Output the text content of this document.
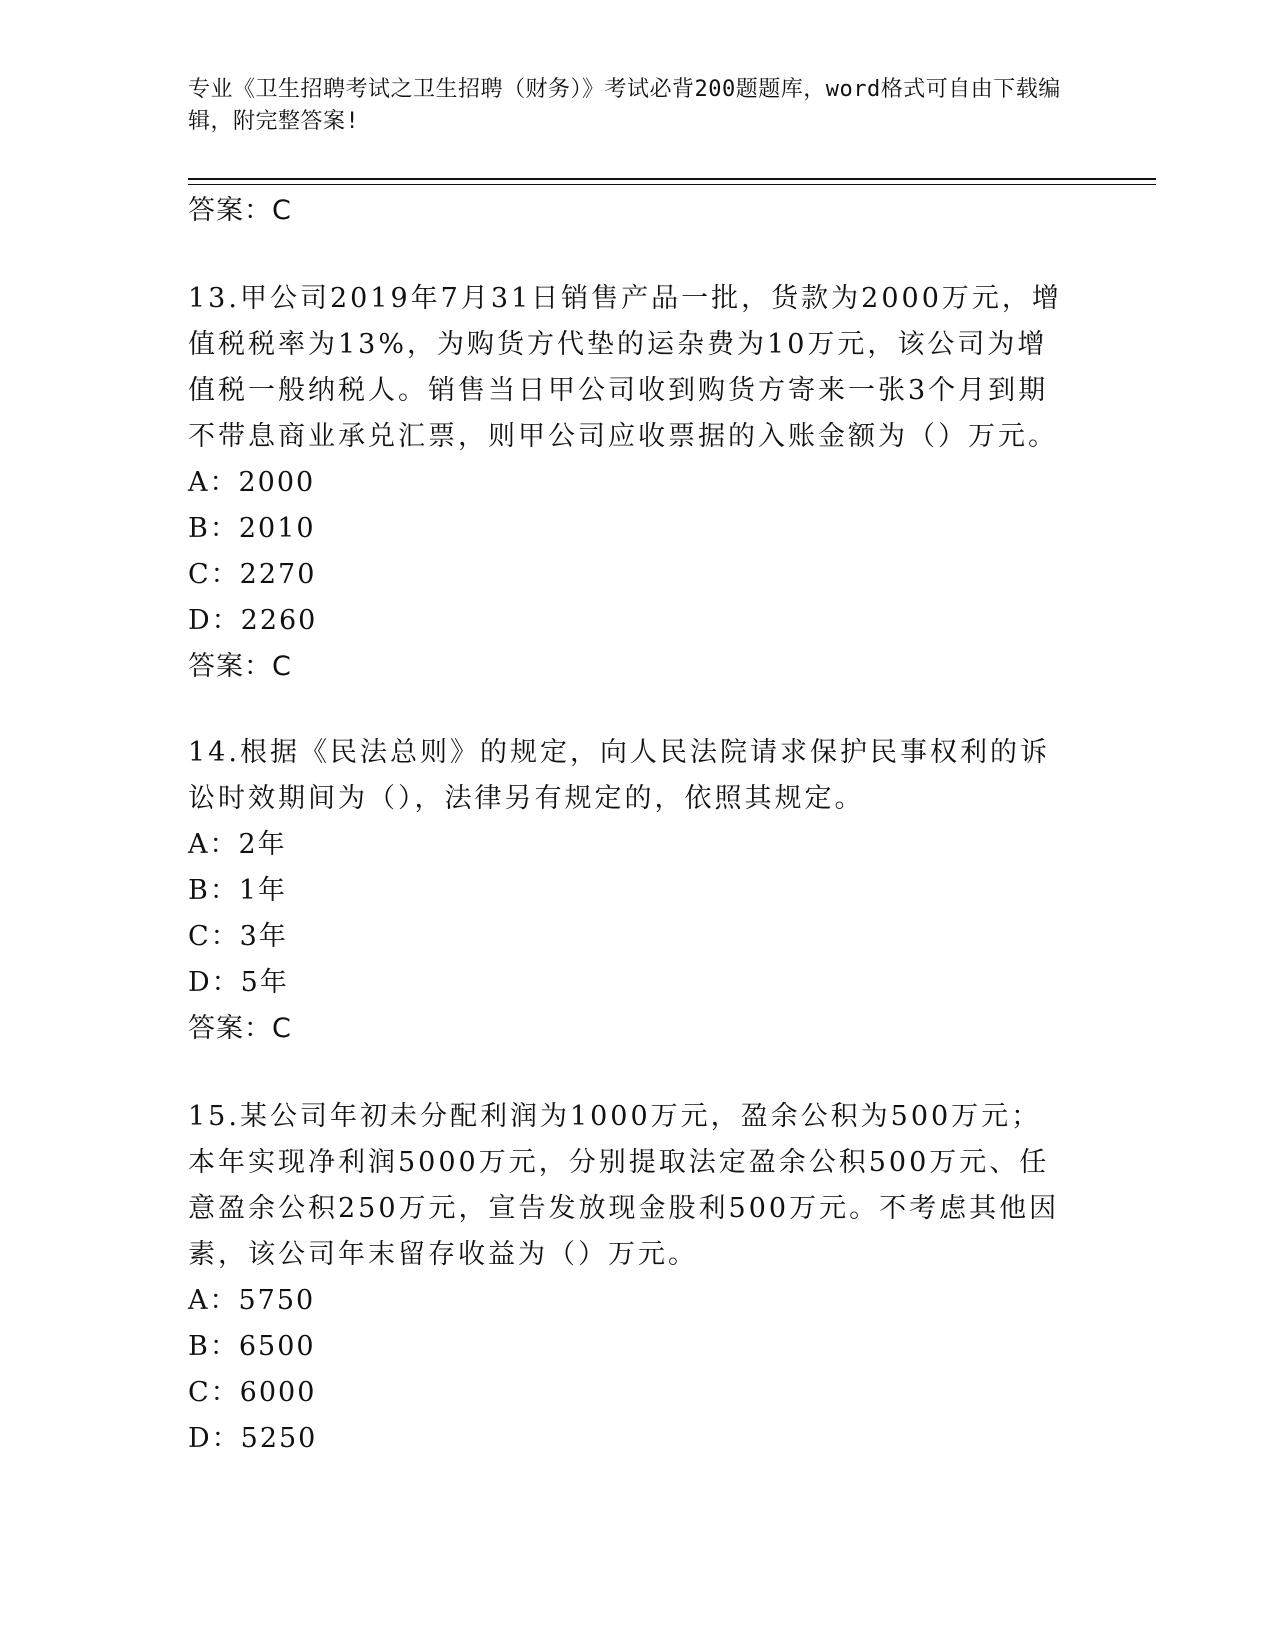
专业《卫生招聘考试之卫生招聘（财务）》考试必背200题题库，word格式可自由下载编辑，附完整答案!
答案：C
13.甲公司2019年7月31日销售产品一批，货款为2000万元，增值税税率为13%，为购货方代垫的运杂费为10万元，该公司为增值税一般纳税人。销售当日甲公司收到购货方寄来一张3个月到期不带息商业承兑汇票，则甲公司应收票据的入账金额为（）万元。
A：2000
B：2010
C：2270
D：2260
答案：C
14.根据《民法总则》的规定，向人民法院请求保护民事权利的诉讼时效期间为（），法律另有规定的，依照其规定。
A：2年
B：1年
C：3年
D：5年
答案：C
15.某公司年初未分配利润为1000万元，盈余公积为500万元；本年实现净利润5000万元，分别提取法定盈余公积500万元、任意盈余公积250万元，宣告发放现金股利500万元。不考虑其他因素，该公司年末留存收益为（）万元。
A：5750
B：6500
C：6000
D：5250
